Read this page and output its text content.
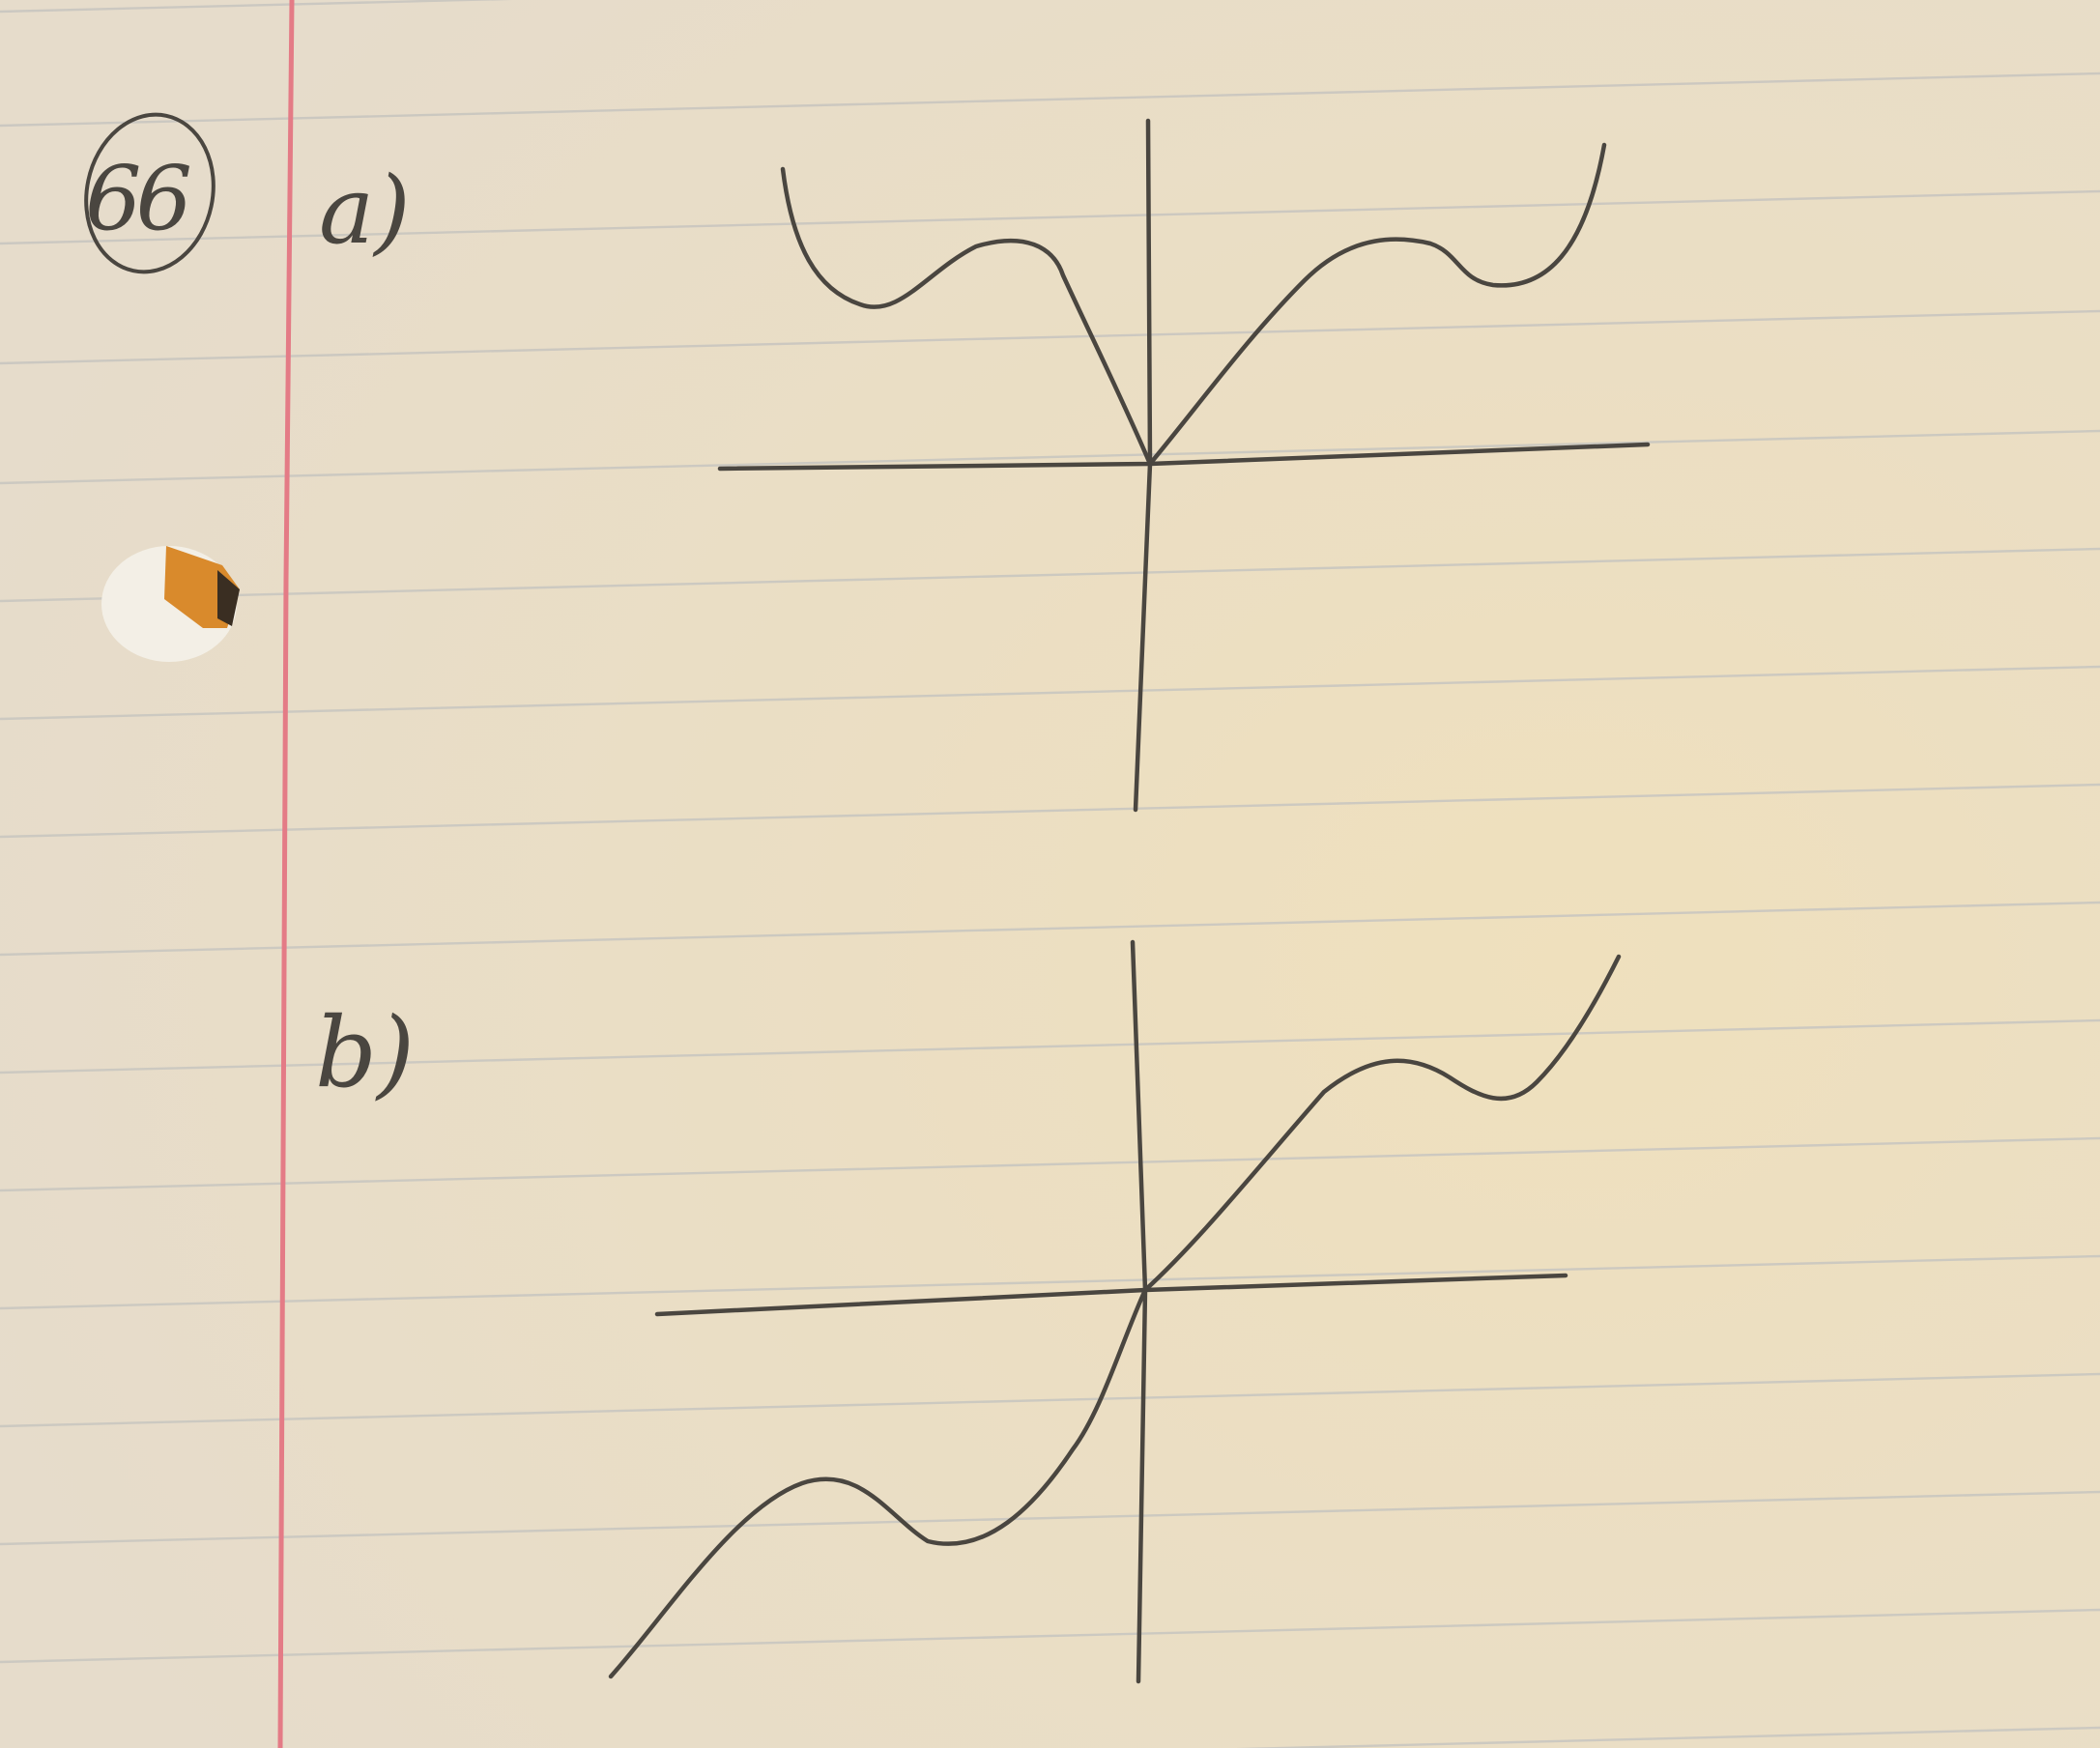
66 a)
b)
